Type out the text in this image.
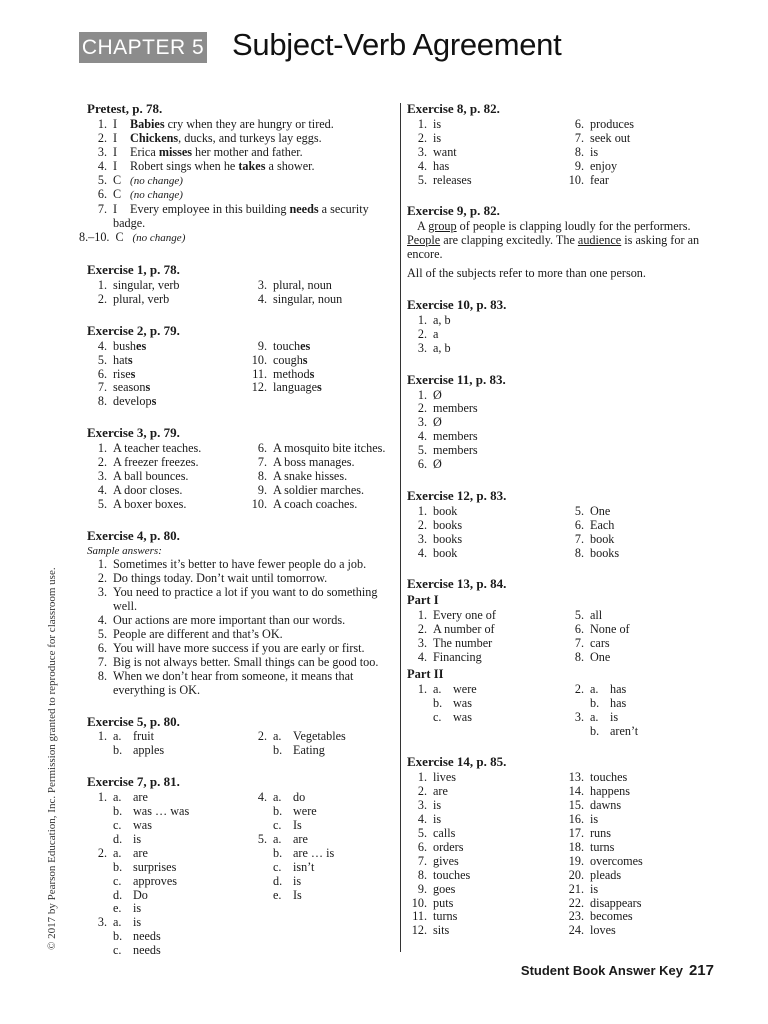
CHAPTER 5 Subject-Verb Agreement
© 2017 by Pearson Education, Inc. Permission granted to reproduce for classroom use.
Student Book Answer Key 217
Pretest, p. 78.
1. I Babies cry when they are hungry or tired.
2. I Chickens, ducks, and turkeys lay eggs.
3. I Erica misses her mother and father.
4. I Robert sings when he takes a shower.
5. C (no change)
6. C (no change)
7. I Every employee in this building needs a security badge.
8.–10. C (no change)
Exercise 1, p. 78.
1. singular, verb
2. plural, verb
3. plural, noun
4. singular, noun
Exercise 2, p. 79.
4. bushes
5. hats
6. rises
7. seasons
8. develops
9. touches
10. coughs
11. methods
12. languages
Exercise 3, p. 79.
1. A teacher teaches.
2. A freezer freezes.
3. A ball bounces.
4. A door closes.
5. A boxer boxes.
6. A mosquito bite itches.
7. A boss manages.
8. A snake hisses.
9. A soldier marches.
10. A coach coaches.
Exercise 4, p. 80.
Sample answers:
1. Sometimes it’s better to have fewer people do a job.
2. Do things today. Don’t wait until tomorrow.
3. You need to practice a lot if you want to do something well.
4. Our actions are more important than our words.
5. People are different and that’s OK.
6. You will have more success if you are early or first.
7. Big is not always better. Small things can be good too.
8. When we don’t hear from someone, it means that everything is OK.
Exercise 5, p. 80.
1. a. fruit
b. apples
2. a. Vegetables
b. Eating
Exercise 7, p. 81.
1. a. are
b. was … was
c. was
d. is
2. a. are
b. surprises
c. approves
d. Do
e. is
3. a. is
b. needs
c. needs
4. a. do
b. were
c. Is
5. a. are
b. are … is
c. isn’t
d. is
e. Is
Exercise 8, p. 82.
1. is
2. is
3. want
4. has
5. releases
6. produces
7. seek out
8. is
9. enjoy
10. fear
Exercise 9, p. 82.
A group of people is clapping loudly for the performers. People are clapping excitedly. The audience is asking for an encore.
All of the subjects refer to more than one person.
Exercise 10, p. 83.
1. a, b
2. a
3. a, b
Exercise 11, p. 83.
1. Ø
2. members
3. Ø
4. members
5. members
6. Ø
Exercise 12, p. 83.
1. book
2. books
3. books
4. book
5. One
6. Each
7. book
8. books
Exercise 13, p. 84.
Part I
1. Every one of
2. A number of
3. The number
4. Financing
5. all
6. None of
7. cars
8. One
Part II
1. a. were
b. was
c. was
2. a. has
b. has
3. a. is
b. aren’t
Exercise 14, p. 85.
1. lives
2. are
3. is
4. is
5. calls
6. orders
7. gives
8. touches
9. goes
10. puts
11. turns
12. sits
13. touches
14. happens
15. dawns
16. is
17. runs
18. turns
19. overcomes
20. pleads
21. is
22. disappears
23. becomes
24. loves
